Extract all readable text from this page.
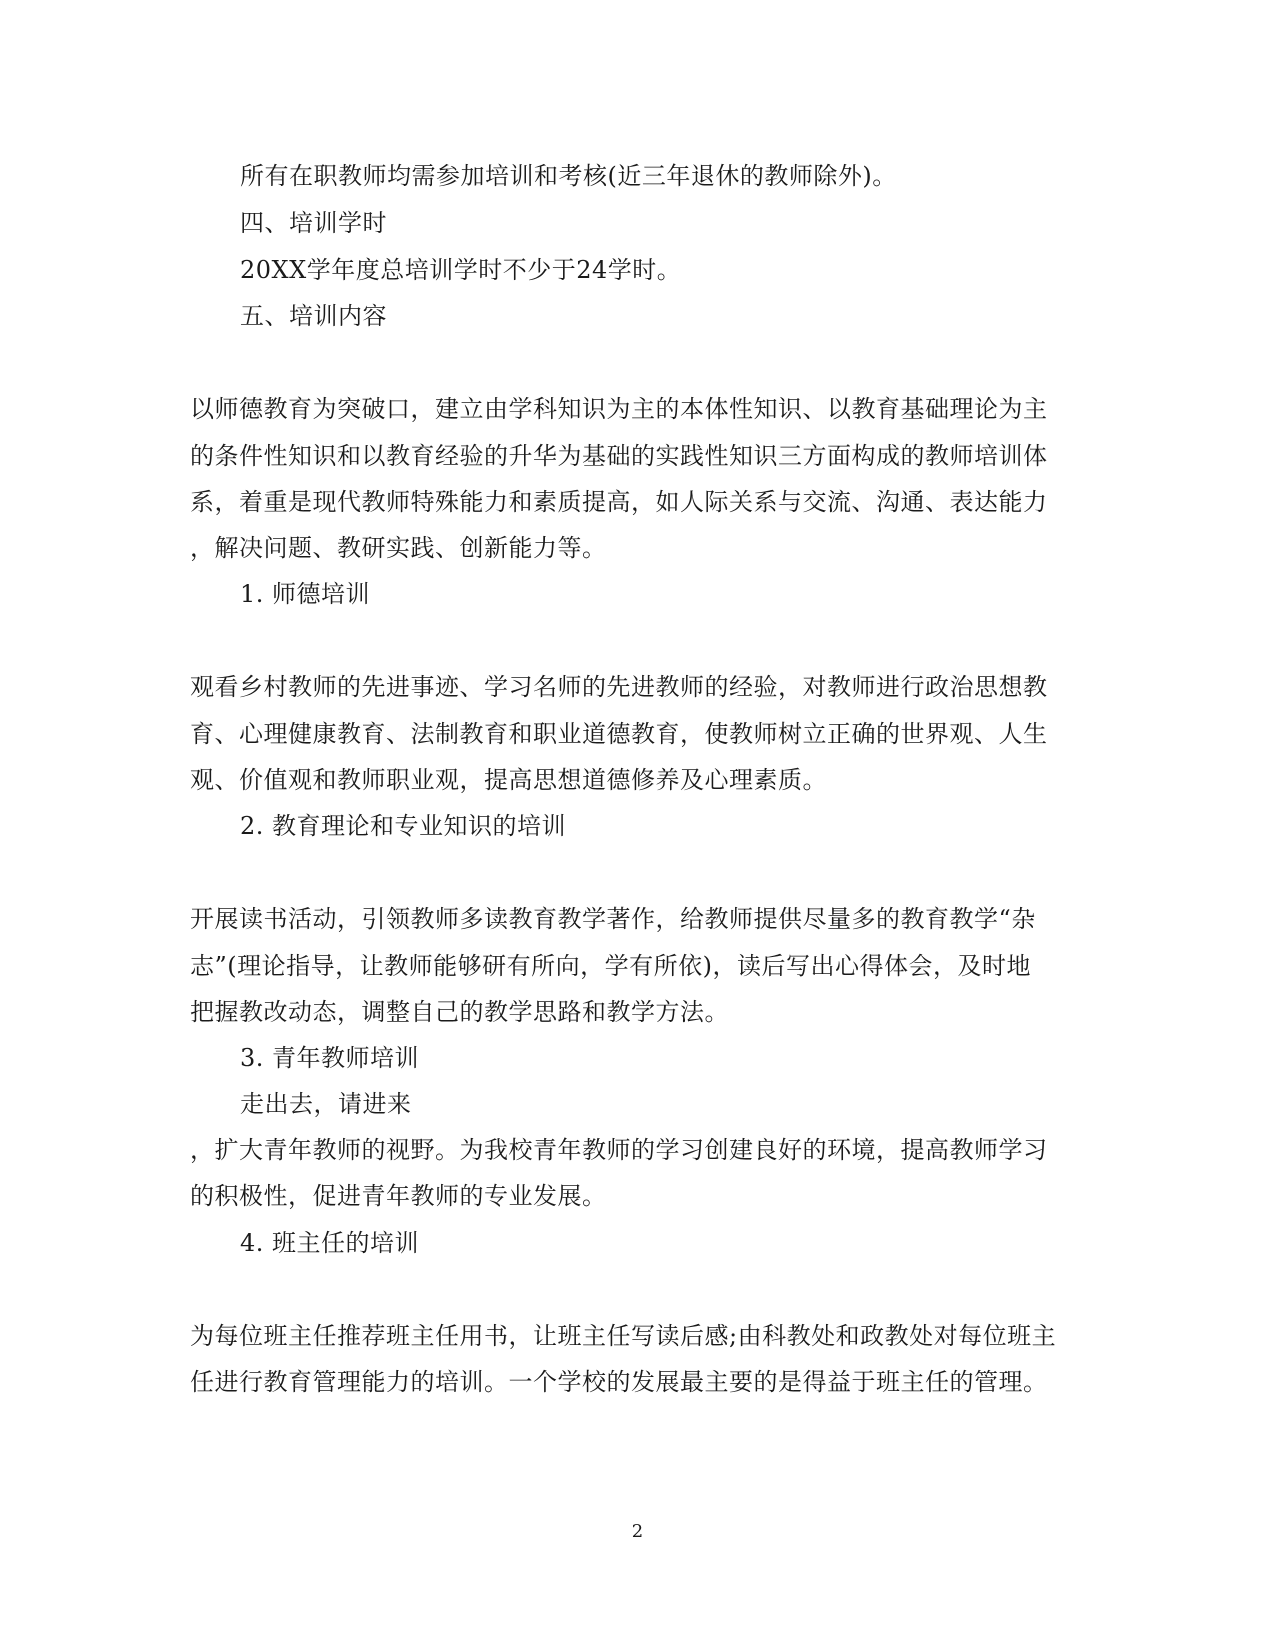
所有在职教师均需参加培训和考核(近三年退休的教师除外)。
四、培训学时
20XX学年度总培训学时不少于24学时。
五、培训内容
以师德教育为突破口，建立由学科知识为主的本体性知识、以教育基础理论为主
的条件性知识和以教育经验的升华为基础的实践性知识三方面构成的教师培训体
系，着重是现代教师特殊能力和素质提高，如人际关系与交流、沟通、表达能力
，解决问题、教研实践、创新能力等。
1. 师德培训
观看乡村教师的先进事迹、学习名师的先进教师的经验，对教师进行政治思想教
育、心理健康教育、法制教育和职业道德教育，使教师树立正确的世界观、人生
观、价值观和教师职业观，提高思想道德修养及心理素质。
2. 教育理论和专业知识的培训
开展读书活动，引领教师多读教育教学著作，给教师提供尽量多的教育教学“杂
志”(理论指导，让教师能够研有所向，学有所依)，读后写出心得体会，及时地
把握教改动态，调整自己的教学思路和教学方法。
3. 青年教师培训
走出去，请进来
，扩大青年教师的视野。为我校青年教师的学习创建良好的环境，提高教师学习
的积极性，促进青年教师的专业发展。
4. 班主任的培训
为每位班主任推荐班主任用书，让班主任写读后感;由科教处和政教处对每位班主
任进行教育管理能力的培训。一个学校的发展最主要的是得益于班主任的管理。
2
